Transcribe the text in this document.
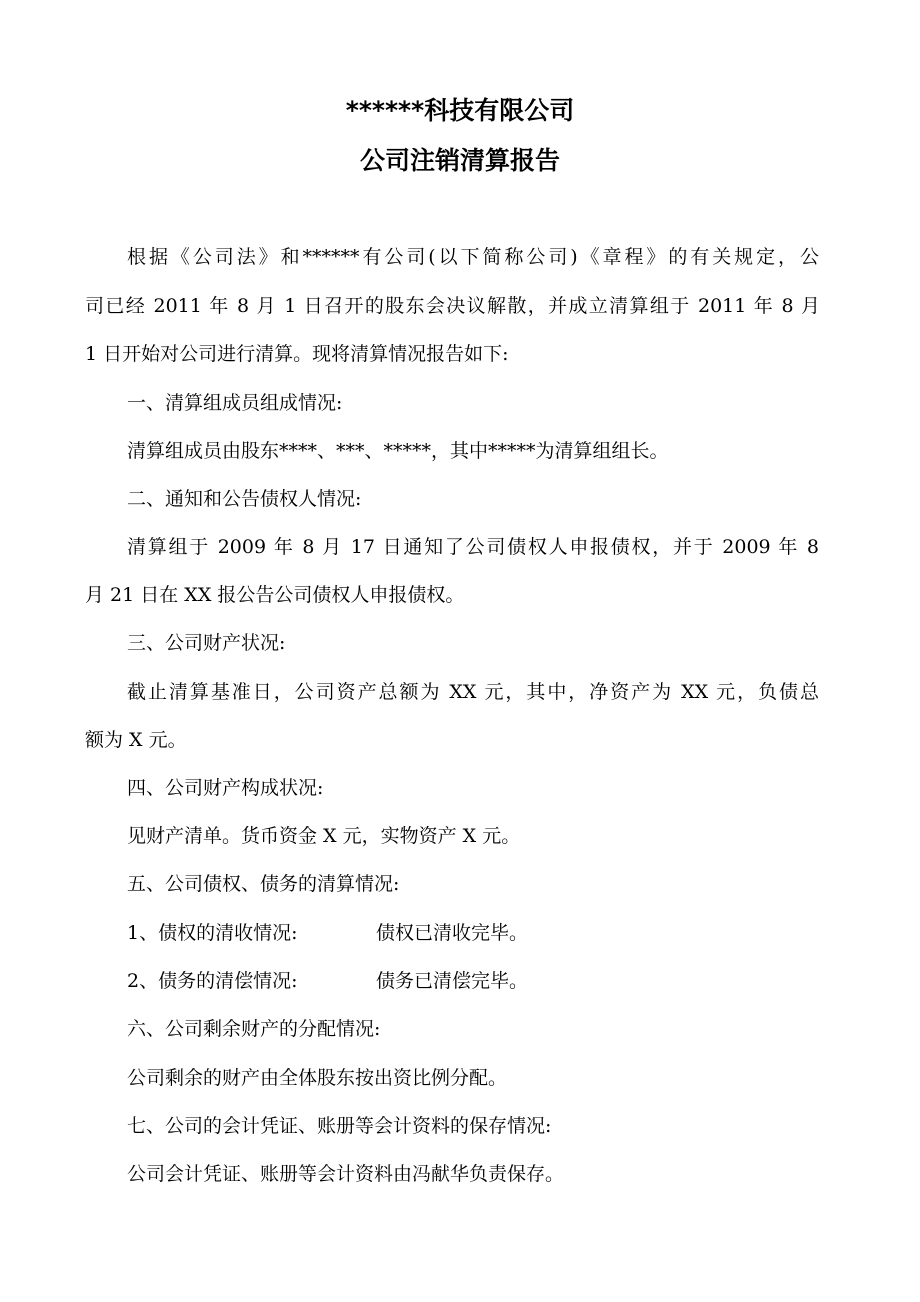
******科技有限公司
公司注销清算报告
根据《公司法》和******有公司(以下简称公司)《章程》的有关规定，公
司已经 2011 年 8 月 1 日召开的股东会决议解散，并成立清算组于 2011 年 8 月
1 日开始对公司进行清算。现将清算情况报告如下:
一、清算组成员组成情况:
清算组成员由股东****、***、*****，其中*****为清算组组长。
二、通知和公告债权人情况:
清算组于 2009 年 8 月 17 日通知了公司债权人申报债权，并于 2009 年 8
月 21 日在 XX 报公告公司债权人申报债权。
三、公司财产状况:
截止清算基准日，公司资产总额为 XX 元，其中，净资产为 XX 元，负债总
额为 X 元。
四、公司财产构成状况:
见财产清单。货币资金 X 元，实物资产 X 元。
五、公司债权、债务的清算情况:
1、债权的清收情况:	债权已清收完毕。
2、债务的清偿情况:	债务已清偿完毕。
六、公司剩余财产的分配情况:
公司剩余的财产由全体股东按出资比例分配。
七、公司的会计凭证、账册等会计资料的保存情况:
公司会计凭证、账册等会计资料由冯献华负责保存。
